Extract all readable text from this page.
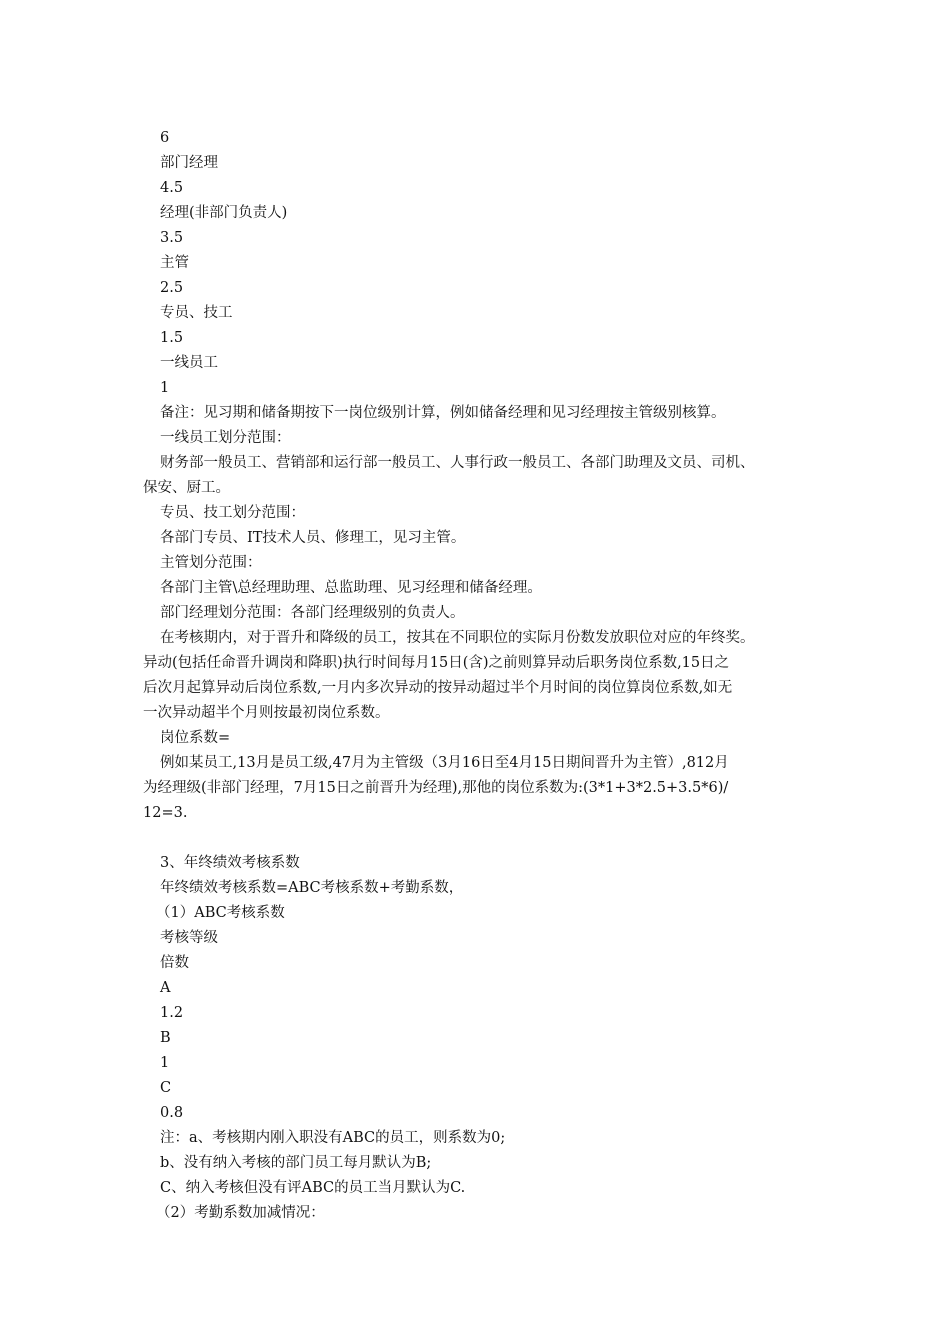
6
部门经理
4.5
经理(非部门负责人)
3.5
主管
2.5
专员、技工
1.5
一线员工
1
备注：见习期和储备期按下一岗位级别计算，例如储备经理和见习经理按主管级别核算。
一线员工划分范围：
财务部一般员工、营销部和运行部一般员工、人事行政一般员工、各部门助理及文员、司机、
保安、厨工。
专员、技工划分范围：
各部门专员、IT技术人员、修理工，见习主管。
主管划分范围：
各部门主管\总经理助理、总监助理、见习经理和储备经理。
部门经理划分范围：各部门经理级别的负责人。
在考核期内，对于晋升和降级的员工，按其在不同职位的实际月份数发放职位对应的年终奖。
异动(包括任命晋升调岗和降职)执行时间每月15日(含)之前则算异动后职务岗位系数,15日之
后次月起算异动后岗位系数,一月内多次异动的按异动超过半个月时间的岗位算岗位系数,如无
一次异动超半个月则按最初岗位系数。
岗位系数=
例如某员工,13月是员工级,47月为主管级（3月16日至4月15日期间晋升为主管）,812月
为经理级(非部门经理，7月15日之前晋升为经理),那他的岗位系数为:(3*1+3*2.5+3.5*6)/
12=3.
3、年终绩效考核系数
年终绩效考核系数=ABC考核系数+考勤系数，
（1）ABC考核系数
考核等级
倍数
A
1.2
B
1
C
0.8
注：a、考核期内刚入职没有ABC的员工，则系数为0;
b、没有纳入考核的部门员工每月默认为B;
C、纳入考核但没有评ABC的员工当月默认为C.
（2）考勤系数加减情况：
